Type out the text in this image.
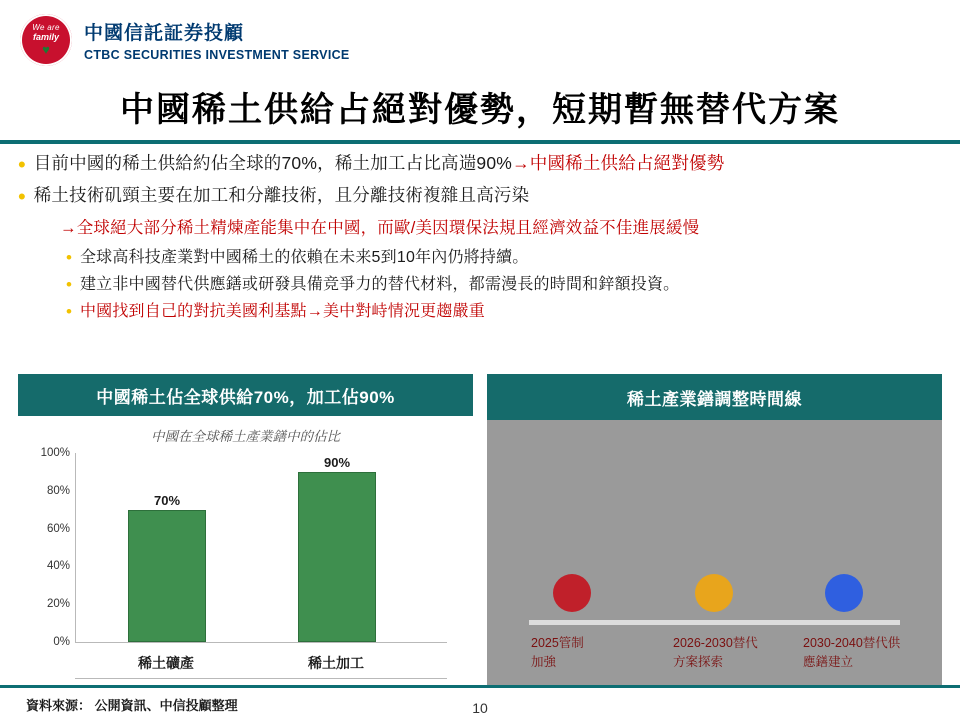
We are
family
♥
中國信託証券投顧
CTBC SECURITIES INVESTMENT SERVICE
中國稀土供給占絕對優勢，短期暫無替代方案
• 目前中國的稀土供給約佔全球的70%，稀土加工占比高遄90%→中國稀土供給占絕對優勢
• 稀土技術矶頸主要在加工和分離技術，且分離技術複雜且高污染
→全球絕大部分稀土精煉產能集中在中國，而歐/美因環保法規且經濟效益不佳進展緩慢
• 全球高科技產業對中國稀土的依賴在未来5到10年內仍將持續。
• 建立非中國替代供應鐥或研發具備竞爭力的替代材料，都需漫長的時間和鋅額投資。
• 中國找到自己的對抗美國利基點→美中對峙情況更趨嚴重
中國稀土佔全球供給70%，加工佔90%
中國在全球稀土產業鐥中的佔比
0%
20%
40%
60%
80%
100%
70%
90%
稀土礦產	稀土加工
稀土產業鐥調整時間線
2025管制
加強
2026-2030替代
方案探索
2030-2040替代供
應鐥建立
資料來源： 公開資訊、中信投顧整理	10
